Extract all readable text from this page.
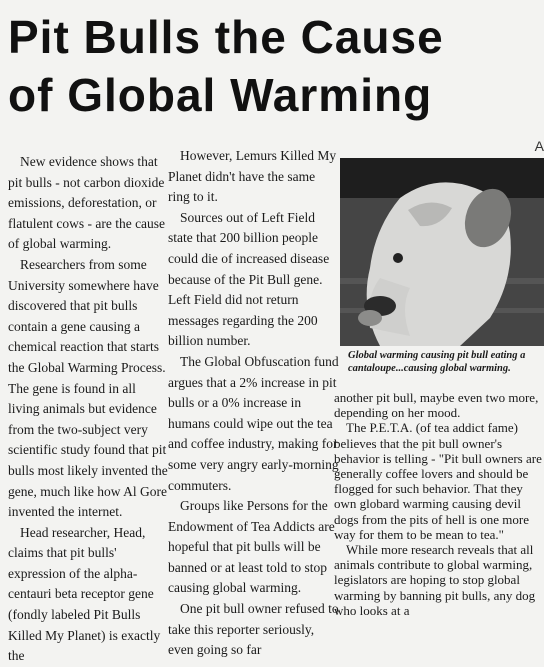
Pit Bulls the Cause
of Global Warming
A

New evidence shows that pit bulls - not carbon dioxide emissions, deforestation, or flatulent cows - are the cause of global warming.

Researchers from some University somewhere have discovered that pit bulls contain a gene causing a chemical reaction that starts the Global Warming Process. The gene is found in all living animals but evidence from the two-subject very scientific study found that pit bulls most likely invented the gene, much like how Al Gore invented the internet.

Head researcher, Head, claims that pit bulls' expression of the alpha-centauri beta receptor gene (fondly labeled Pit Bulls Killed My Planet) is exactly the

However, Lemurs Killed My Planet didn't have the same ring to it.

Sources out of Left Field state that 200 billion people could die of increased disease because of the Pit Bull gene. Left Field did not return messages regarding the 200 billion number.

The Global Obfuscation fund argues that a 2% increase in pit bulls or a 0% increase in humans could wipe out the tea and coffee industry, making for some very angry early-morning commuters.

Groups like Persons for the Endowment of Tea Addicts are hopeful that pit bulls will be banned or at least told to stop causing global warming.

One pit bull owner refused to take this reporter seriously, even going so far

Global warming causing pit bull eating a cantaloupe...causing global warming.

another pit bull, maybe even two more, depending on her mood.

The P.E.T.A. (of tea addict fame) believes that the pit bull owner's behavior is telling - "Pit bull owners are generally coffee lovers and should be flogged for such behavior. That they own globard warming causing devil dogs from the pits of hell is one more way for them to be mean to tea."

While more research reveals that all animals contribute to global warming, legislators are hoping to stop global warming by banning pit bulls, any dog who looks at a
